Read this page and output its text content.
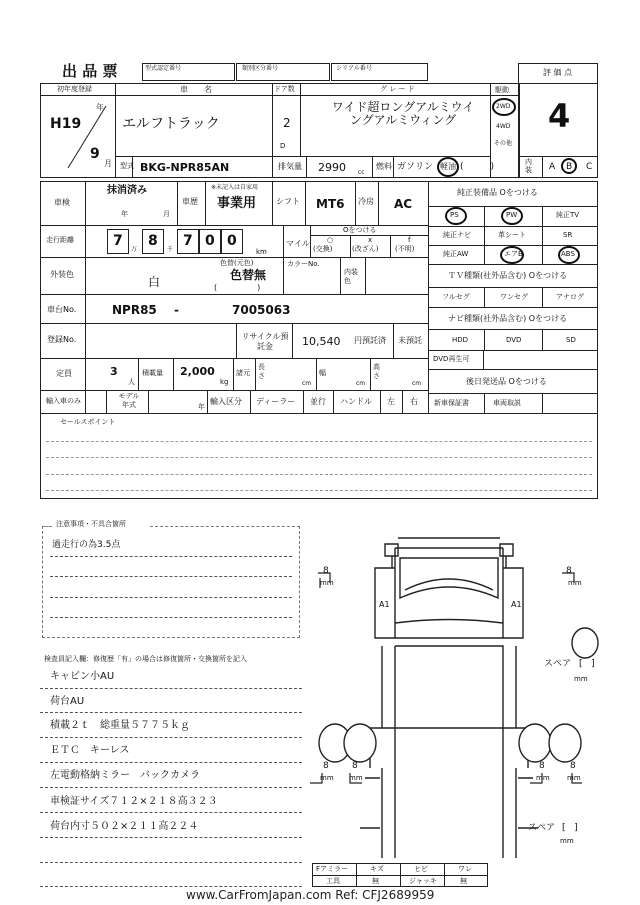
出 品 票	型式認定番号	類別区分番号	シリアル番号	評 価 点
4
初年度登録
H19
年
9
月
車　　名
エルフトラック
ドア数
2
D
グ レ ー ド
ワイド超ロングアルミウイングアルミウィング
駆動
2WD
4WD
その他
型式 BKG-NPR85AN	排気量 2990 cc
燃料 ガソリン 軽油 (　　　)	内装	A B C
車検
抹消済み
年	月
車歴
※未記入は自家用
事業用 シフト MT6 冷房 AC
走行距離	7
万
8
千
7 0 0
km
マイル
Oをつける
○
(交換)
x
(改ざん)
f
(不明)
外装色
白
色替(元色)
色替無
(　　　　　)
カラーNo.
内装色
車台No.	NPR85 -	7005063
登録No.	リサイクル預託金	10,540 円預託済 未預託
定員	3
人
積載量 2,000
kg
諸元
長さ
cm
幅
cm
高さ
cm
輸入車のみ
モデル年式	年
輸入区分 ディーラー 並行 ハンドル 左 右
純正装備品 Oをつける
PS	PW	純正TV
純正ナビ	革シート	SR
純正AW	エアB	ABS
ＴＶ種類(社外品含む) Oをつける
フルセグ	ワンセグ	アナログ
ナビ種類(社外品含む) Oをつける
HDD	DVD	SD
DVD再生可
後日発送品 Oをつける
新車保証書	車両取説
セールスポイント
注意事項・不具合箇所
過走行の為3.5点
検査員記入欄：修復歴「有」の場合は修復箇所・交換箇所を記入
キャビン小AU
荷台AU
積載２ｔ　総重量５７７５ｋｇ
ＥＴＣ　キーレス
左電動格納ミラー　バックカメラ
車検証サイズ７１２×２１８高３２３
荷台内寸５０２×２１１高２２４
8
mm
8
mm
A1	A1
スペア [   ]
mm
8
mm
8
mm
8
mm
8
mm
スペア [   ]
mm
Fアミラー	キズ	ヒビ	ワレ
工具	無	ジャッキ	無
www.CarFromJapan.com Ref: CFJ2689959
